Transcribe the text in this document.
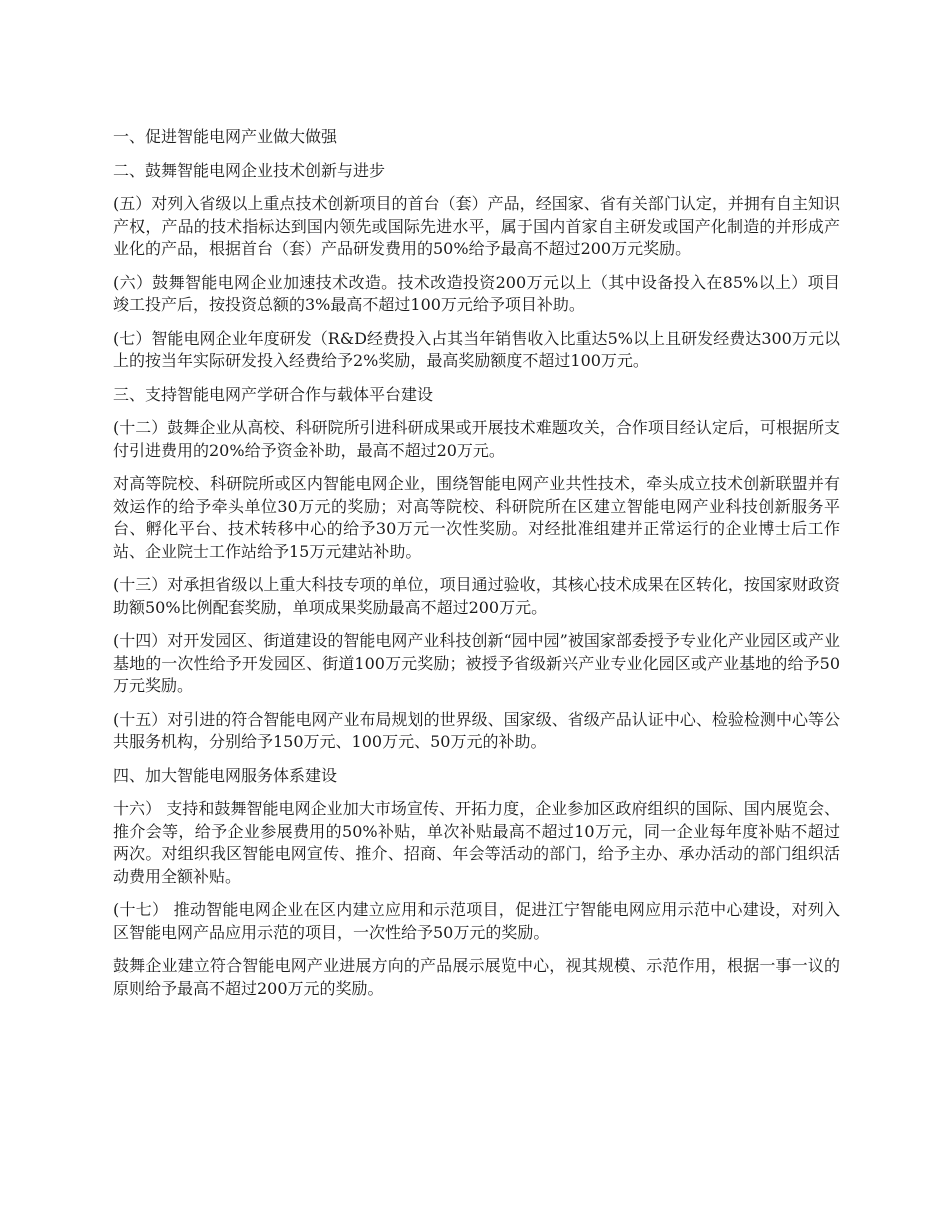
一、促进智能电网产业做大做强

二、鼓舞智能电网企业技术创新与进步

(五）对列入省级以上重点技术创新项目的首台（套）产品，经国家、省有关部门认定，并拥有自主知识产权，产品的技术指标达到国内领先或国际先进水平，属于国内首家自主研发或国产化制造的并形成产业化的产品，根据首台（套）产品研发费用的50%给予最高不超过200万元奖励。

(六）鼓舞智能电网企业加速技术改造。技术改造投资200万元以上（其中设备投入在85%以上）项目竣工投产后，按投资总额的3%最高不超过100万元给予项目补助。

(七）智能电网企业年度研发（R&D经费投入占其当年销售收入比重达5%以上且研发经费达300万元以上的按当年实际研发投入经费给予2%奖励，最高奖励额度不超过100万元。

三、支持智能电网产学研合作与载体平台建设

(十二）鼓舞企业从高校、科研院所引进科研成果或开展技术难题攻关，合作项目经认定后，可根据所支付引进费用的20%给予资金补助，最高不超过20万元。

对高等院校、科研院所或区内智能电网企业，围绕智能电网产业共性技术，牵头成立技术创新联盟并有效运作的给予牵头单位30万元的奖励；对高等院校、科研院所在区建立智能电网产业科技创新服务平台、孵化平台、技术转移中心的给予30万元一次性奖励。对经批准组建并正常运行的企业博士后工作站、企业院士工作站给予15万元建站补助。

(十三）对承担省级以上重大科技专项的单位，项目通过验收，其核心技术成果在区转化，按国家财政资助额50%比例配套奖励，单项成果奖励最高不超过200万元。

(十四）对开发园区、街道建设的智能电网产业科技创新“园中园”被国家部委授予专业化产业园区或产业基地的一次性给予开发园区、街道100万元奖励；被授予省级新兴产业专业化园区或产业基地的给予50万元奖励。

(十五）对引进的符合智能电网产业布局规划的世界级、国家级、省级产品认证中心、检验检测中心等公共服务机构，分别给予150万元、100万元、50万元的补助。

四、加大智能电网服务体系建设

十六） 支持和鼓舞智能电网企业加大市场宣传、开拓力度，企业参加区政府组织的国际、国内展览会、推介会等，给予企业参展费用的50%补贴，单次补贴最高不超过10万元，同一企业每年度补贴不超过两次。对组织我区智能电网宣传、推介、招商、年会等活动的部门，给予主办、承办活动的部门组织活动费用全额补贴。

(十七） 推动智能电网企业在区内建立应用和示范项目，促进江宁智能电网应用示范中心建设，对列入区智能电网产品应用示范的项目，一次性给予50万元的奖励。

鼓舞企业建立符合智能电网产业进展方向的产品展示展览中心，视其规模、示范作用，根据一事一议的原则给予最高不超过200万元的奖励。
